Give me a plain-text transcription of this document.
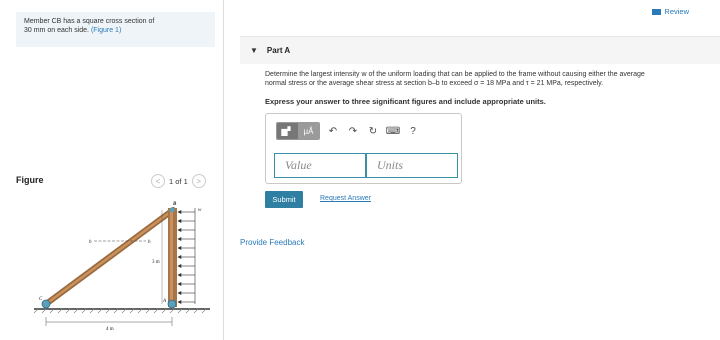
Member CB has a square cross section of
30 mm on each side. (Figure 1)
Figure	<	1 of 1	>
B
w
b	b
3 m
C	A
4 m
Review
▼ Part A
Determine the largest intensity w of the uniform loading that can be applied to the frame without causing either the average
normal stress or the average shear stress at section b–b to exceed σ = 18 MPa and τ = 21 MPa, respectively.
Express your answer to three significant figures and include appropriate units.
▆▘	μÅ	↶ ↷ ↻ ⌨	?
Value	Units
Submit	Request Answer
Provide Feedback
